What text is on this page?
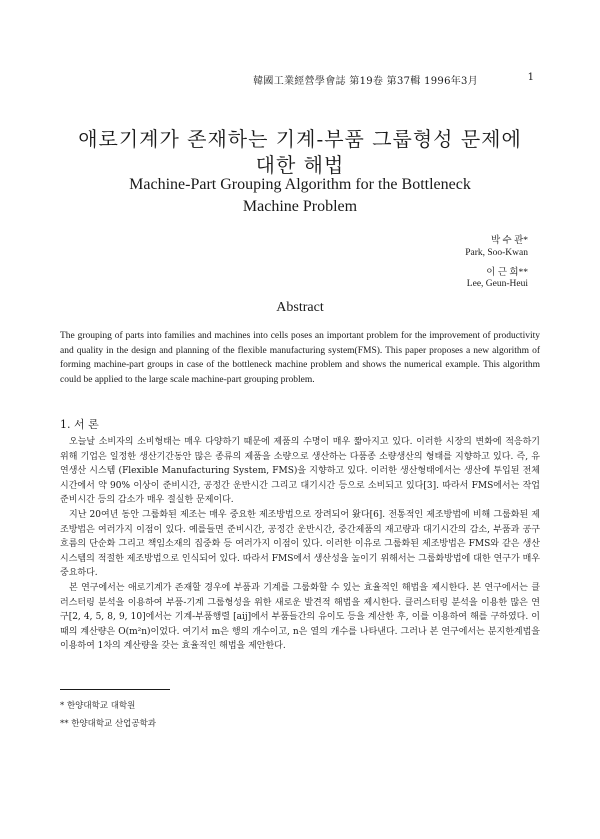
韓國工業經營學會誌 第19卷 第37輯 1996年3月	1
애로기계가 존재하는 기계-부품 그룹형성 문제에
대한 해법
Machine-Part Grouping Algorithm for the Bottleneck
Machine Problem
박 수 관*
Park, Soo-Kwan
이 근 희**
Lee, Geun-Heui
Abstract
The grouping of parts into families and machines into cells poses an important problem for the improvement of productivity and quality in the design and planning of the flexible manufacturing system(FMS). This paper proposes a new algorithm of forming machine-part groups in case of the bottleneck machine problem and shows the numerical example. This algorithm could be applied to the large scale machine-part grouping problem.
1. 서 론

오늘날 소비자의 소비형태는 매우 다양하기 때문에 제품의 수명이 매우 짧아지고 있다. 이러한 시장의 변화에 적응하기 위해 기업은 일정한 생산기간동안 많은 종류의 제품을 소량으로 생산하는 다품종 소량생산의 형태를 지향하고 있다. 즉, 유연생산 시스템 (Flexible Manufacturing System, FMS)을 지향하고 있다. 이러한 생산형태에서는 생산에 투입된 전체시간에서 약 90% 이상이 준비시간, 공정간 운반시간 그리고 대기시간 등으로 소비되고 있다[3]. 따라서 FMS에서는 작업준비시간 등의 감소가 매우 절실한 문제이다.

지난 20여년 동안 그룹화된 제조는 매우 중요한 제조방법으로 장려되어 왔다[6]. 전통적인 제조방법에 비해 그룹화된 제조방법은 여러가지 이점이 있다. 예를들면 준비시간, 공정간 운반시간, 중간제품의 재고량과 대기시간의 감소, 부품과 공구흐름의 단순화 그리고 책임소재의 집중화 등 여러가지 이점이 있다. 이러한 이유로 그룹화된 제조방법은 FMS와 같은 생산시스템의 적절한 제조방법으로 인식되어 있다. 따라서 FMS에서 생산성을 높이기 위해서는 그룹화방법에 대한 연구가 매우 중요하다.

본 연구에서는 애로기계가 존재할 경우에 부품과 기계를 그룹화할 수 있는 효율적인 해법을 제시한다. 본 연구에서는 클러스터링 분석을 이용하여 부품-기계 그룹형성을 위한 새로운 발견적 해법을 제시한다. 클러스터링 분석을 이용한 많은 연구[2, 4, 5, 8, 9, 10]에서는 기계-부품행렬 [aij]에서 부품들간의 유이도 등을 계산한 후, 이를 이용하여 해를 구하였다. 이때의 계산량은 O(m²n)이었다. 여기서 m은 행의 개수이고, n은 열의 개수를 나타낸다. 그러나 본 연구에서는 분지한계법을 이용하여 1차의 계산량을 갖는 효율적인 해법을 제안한다.

* 한양대학교 대학원
** 한양대학교 산업공학과
